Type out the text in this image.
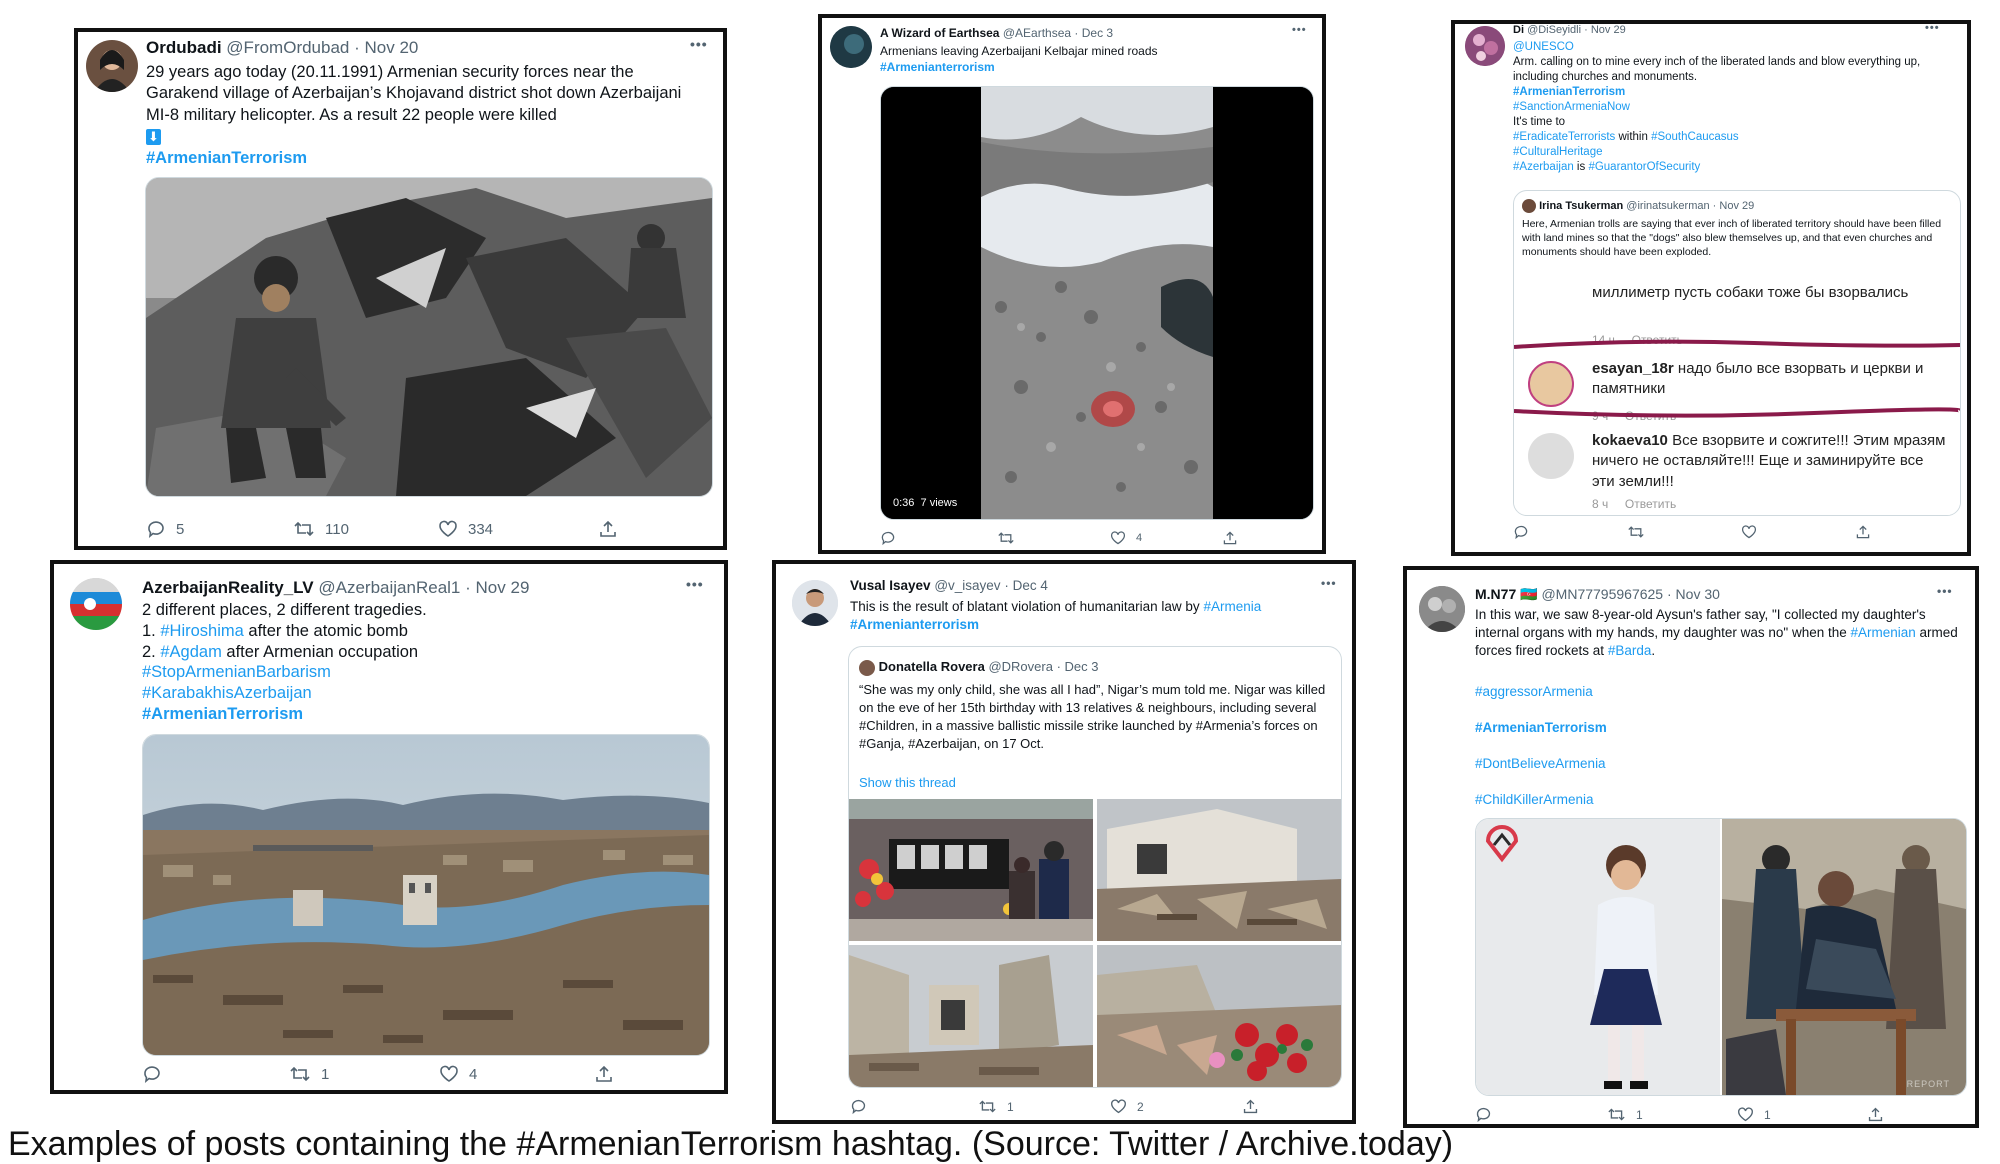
Ordubadi @FromOrdubad · Nov 20	•••
29 years ago today (20.11.1991) Armenian security forces near the Garakend village of Azerbaijan’s Khojavand district shot down Azerbaijani MI-8 military helicopter. As a result 22 people were killed
⬇
#ArmenianTerrorism
5	110	334
A Wizard of Earthsea @AEarthsea · Dec 3	•••
Armenians leaving Azerbaijani Kelbajar mined roads
#Armenianterrorism
0:36 7 views
4
Di @DiSeyidli · Nov 29	•••
@UNESCO
Arm. calling on to mine every inch of the liberated lands and blow everything up, including churches and monuments.
#ArmenianTerrorism
#SanctionArmeniaNow
It's time to
#EradicateTerrorists within #SouthCaucasus
#CulturalHeritage
#Azerbaijan is #GuarantorOfSecurity
Irina Tsukerman @irinatsukerman · Nov 29
Here, Armenian trolls are saying that ever inch of liberated territory should have been filled with land mines so that the "dogs" also blew themselves up, and that even churches and monuments should have been exploded.
миллиметр пусть собаки тоже бы взорвались
14 ч     Ответить
esayan_18r надо было все взорвать и церкви и памятники
9 ч     Ответить
kokaeva10 Все взорвите и сожгите!!! Этим мразям ничего не оставляйте!!! Еще и заминируйте все эти земли!!!
8 ч     Ответить
AzerbaijanReality_LV @AzerbaijanReal1 · Nov 29	•••
2 different places, 2 different tragedies.
1. #Hiroshima after the atomic bomb
2. #Agdam after Armenian occupation
#StopArmenianBarbarism
#KarabakhisAzerbaijan
#ArmenianTerrorism
1	4
Vusal Isayev @v_isayev · Dec 4	•••
This is the result of blatant violation of humanitarian law by #Armenia
#Armenianterrorism
Donatella Rovera @DRovera · Dec 3
“She was my only child, she was all I had”, Nigar’s mum told me. Nigar was killed on the eve of her 15th birthday with 13 relatives & neighbours, including several #Children, in a massive ballistic missile strike launched by #Armenia’s forces on #Ganja, #Azerbaijan, on 17 Oct.
Show this thread
1	2
M.N77 🇦🇿 @MN77795967625 · Nov 30	•••
In this war, we saw 8-year-old Aysun's father say, "I collected my daughter's internal organs with my hands, my daughter was no" when the #Armenian armed forces fired rockets at #Barda.
#aggressorArmenia
#ArmenianTerrorism
#DontBelieveArmenia
#ChildKillerArmenia
REPORT
1	1
Examples of posts containing the #ArmenianTerrorism hashtag. (Source: Twitter / Archive.today)
